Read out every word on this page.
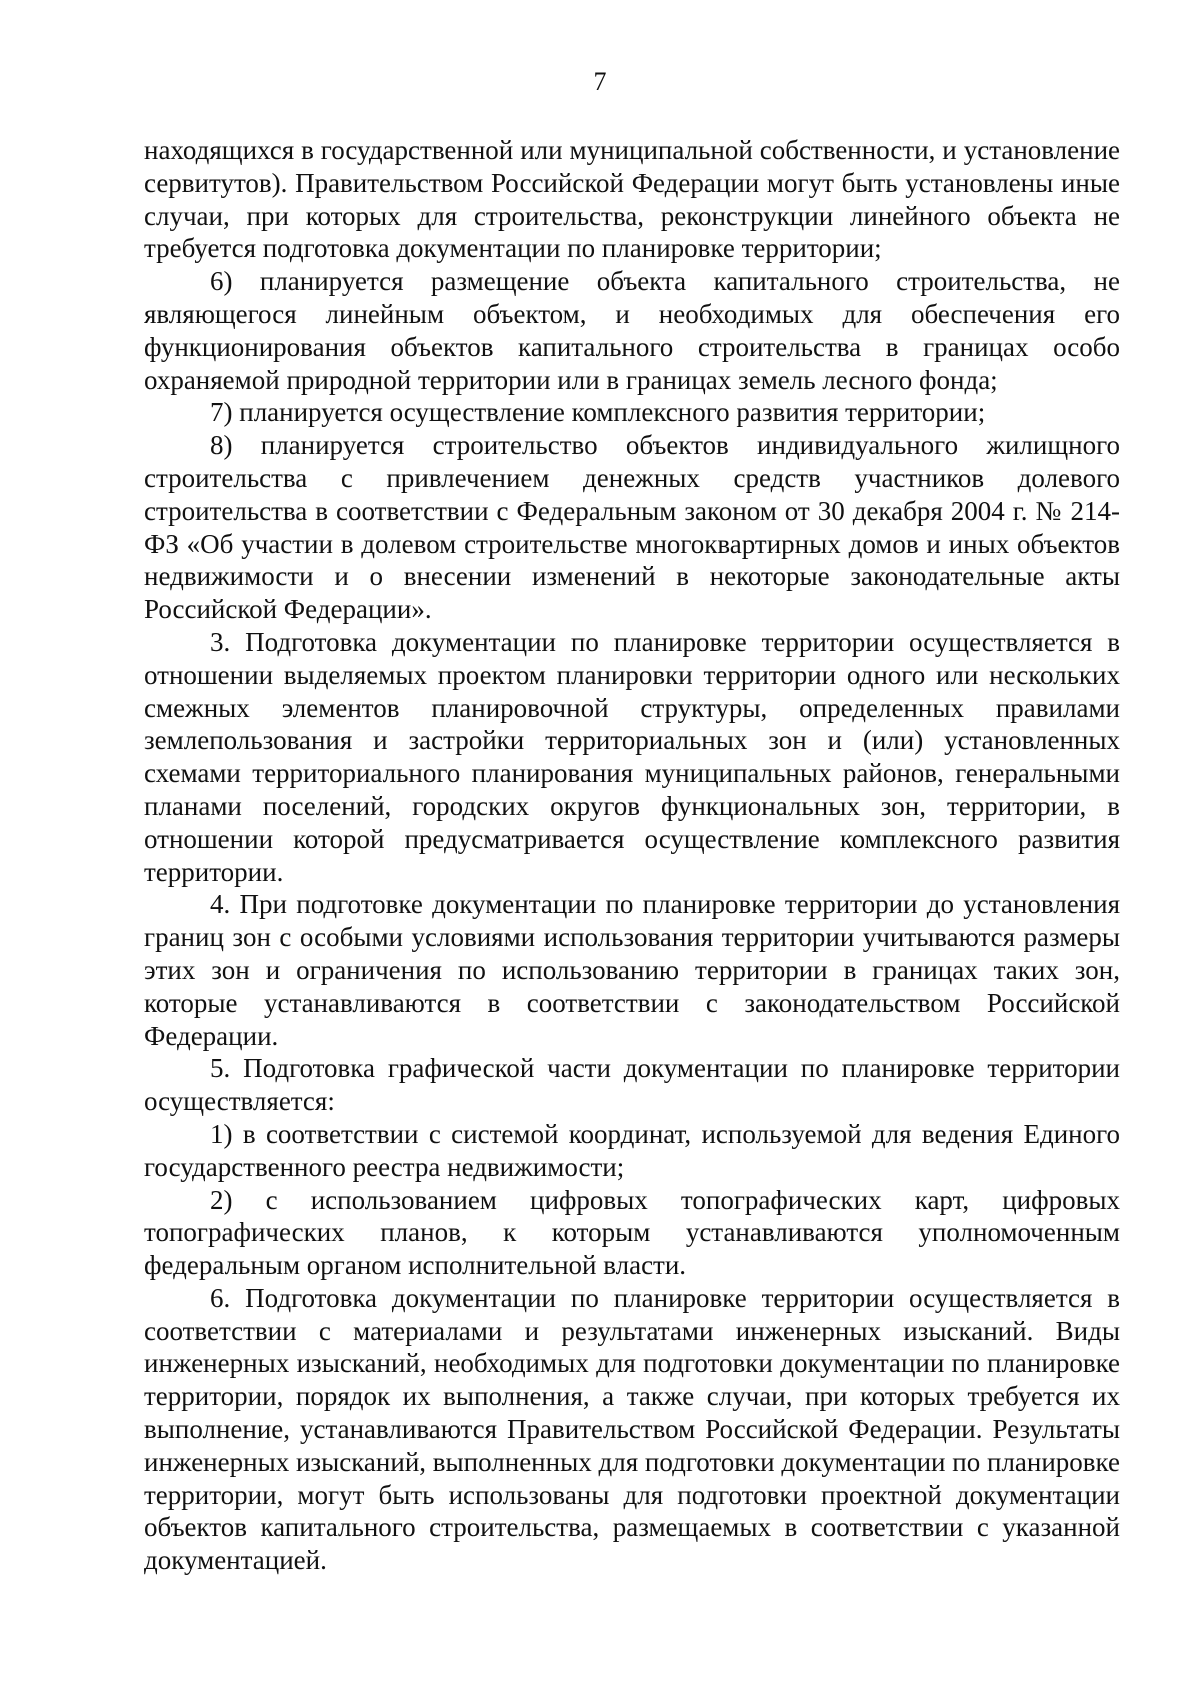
7

находящихся в государственной или муниципальной собственности, и установление сервитутов). Правительством Российской Федерации могут быть установлены иные случаи, при которых для строительства, реконструкции линейного объекта не требуется подготовка документации по планировке территории;

6) планируется размещение объекта капитального строительства, не являющегося линейным объектом, и необходимых для обеспечения его функционирования объектов капитального строительства в границах особо охраняемой природной территории или в границах земель лесного фонда;

7) планируется осуществление комплексного развития территории;

8) планируется строительство объектов индивидуального жилищного строительства с привлечением денежных средств участников долевого строительства в соответствии с Федеральным законом от 30 декабря 2004 г. № 214-ФЗ «Об участии в долевом строительстве многоквартирных домов и иных объектов недвижимости и о внесении изменений в некоторые законодательные акты Российской Федерации».

3. Подготовка документации по планировке территории осуществляется в отношении выделяемых проектом планировки территории одного или нескольких смежных элементов планировочной структуры, определенных правилами землепользования и застройки территориальных зон и (или) установленных схемами территориального планирования муниципальных районов, генеральными планами поселений, городских округов функциональных зон, территории, в отношении которой предусматривается осуществление комплексного развития территории.

4. При подготовке документации по планировке территории до установления границ зон с особыми условиями использования территории учитываются размеры этих зон и ограничения по использованию территории в границах таких зон, которые устанавливаются в соответствии с законодательством Российской Федерации.

5. Подготовка графической части документации по планировке территории осуществляется:

1) в соответствии с системой координат, используемой для ведения Единого государственного реестра недвижимости;

2) с использованием цифровых топографических карт, цифровых топографических планов, к которым устанавливаются уполномоченным федеральным органом исполнительной власти.

6. Подготовка документации по планировке территории осуществляется в соответствии с материалами и результатами инженерных изысканий. Виды инженерных изысканий, необходимых для подготовки документации по планировке территории, порядок их выполнения, а также случаи, при которых требуется их выполнение, устанавливаются Правительством Российской Федерации. Результаты инженерных изысканий, выполненных для подготовки документации по планировке территории, могут быть использованы для подготовки проектной документации объектов капитального строительства, размещаемых в соответствии с указанной документацией.
